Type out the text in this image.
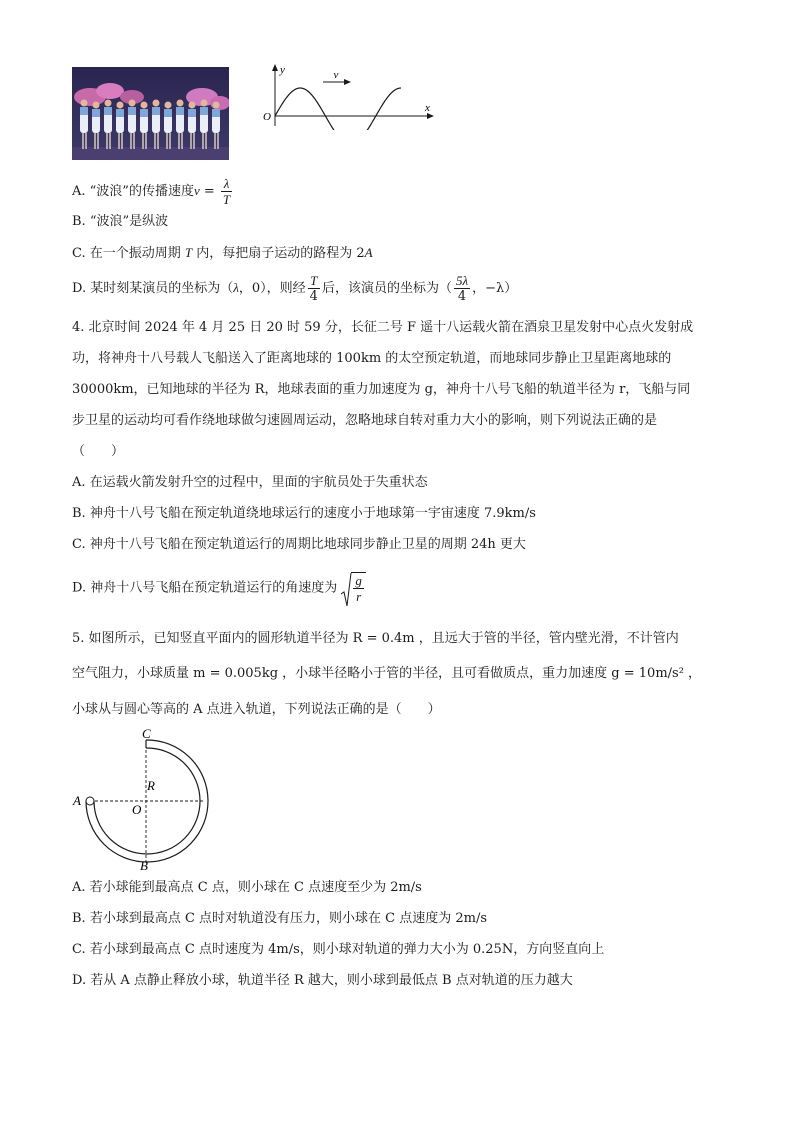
v
y
x
O
A. “波浪”的传播速度$v = \frac{\lambda}{T}$
B. “波浪”是纵波
C. 在一个振动周期 T 内，每把扇子运动的路程为 2A
D. 某时刻某演员的坐标为（λ，0），则经 $\frac{T}{4}$ 后，该演员的坐标为（ $\frac{5\lambda}{4}$ ，−λ）
4. 北京时间 2024 年 4 月 25 日 20 时 59 分，长征二号 F 遥十八运载火箭在酒泉卫星发射中心点火发射成
功，将神舟十八号载人飞船送入了距离地球的 100km 的太空预定轨道，而地球同步静止卫星距离地球的
30000km，已知地球的半径为 R，地球表面的重力加速度为 g，神舟十八号飞船的轨道半径为 r，飞船与同
步卫星的运动均可看作绕地球做匀速圆周运动，忽略地球自转对重力大小的影响，则下列说法正确的是
（　　）
A. 在运载火箭发射升空的过程中，里面的宇航员处于失重状态
B. 神舟十八号飞船在预定轨道绕地球运行的速度小于地球第一宇宙速度 7.9km/s
C. 神舟十八号飞船在预定轨道运行的周期比地球同步静止卫星的周期 24h 更大
D. 神舟十八号飞船在预定轨道运行的角速度为 $\frac{g}{r}$
5. 如图所示，已知竖直平面内的圆形轨道半径为 R = 0.4m ，且远大于管的半径，管内壁光滑，不计管内
空气阻力，小球质量 m = 0.005kg ，小球半径略小于管的半径，且可看做质点，重力加速度 g = 10m/s² ，
小球从与圆心等高的 A 点进入轨道，下列说法正确的是（　　）
C
R
A
O
B
A. 若小球能到最高点 C 点，则小球在 C 点速度至少为 2m/s
B. 若小球到最高点 C 点时对轨道没有压力，则小球在 C 点速度为 2m/s
C. 若小球到最高点 C 点时速度为 4m/s，则小球对轨道的弹力大小为 0.25N，方向竖直向上
D. 若从 A 点静止释放小球，轨道半径 R 越大，则小球到最低点 B 点对轨道的压力越大
